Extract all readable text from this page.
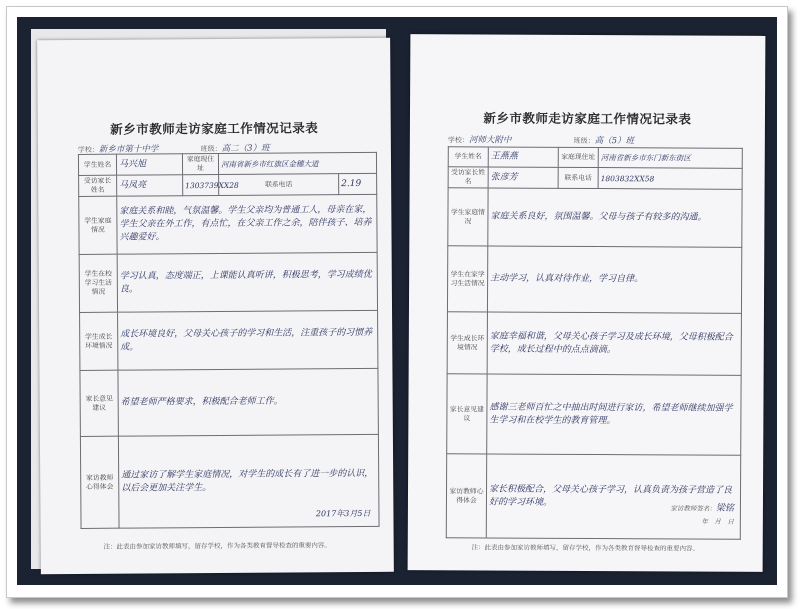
新乡市教师走访家庭工作情况记录表
学校：新乡市第十中学	班级：高二（3）班
学生姓名	马兴旭	家庭现住址	河南省新乡市红旗区金穗大道	
受访家长姓名	马凤亮	1303739XX28	联系电话	2.19
学生家庭情况	家庭关系和睦，气氛温馨。学生父亲均为普通工人，母亲在家，学生父亲在外工作，有点忙，在父亲工作之余，陪伴孩子、培养兴趣爱好。			
学生在校学习生活情况	学习认真，态度端正，上课能认真听讲，积极思考，学习成绩优良。			
学生成长环境情况	成长环境良好，父母关心孩子的学习和生活，注重孩子的习惯养成。			
家长意见建议	希望老师严格要求，积极配合老师工作。			
家访教师心得体会	通过家访了解学生家庭情况，对学生的成长有了进一步的认识，以后会更加关注学生。
2017年3月5日			
注：此表由参加家访教师填写，留存学校，作为各类教育督导检查的重要内容。
新乡市教师走访家庭工作情况记录表
学校：河师大附中	班级：高（5）班
学生姓名	王燕燕	家庭现住址	河南省新乡市东门新东街区
受访家长姓名	张彦芳	联系电话	1803832XX58
学生家庭情况	家庭关系良好，氛围温馨。父母与孩子有较多的沟通。		
学生在家学习生活情况	主动学习，认真对待作业，学习自律。		
学生成长环境情况	家庭幸福和谐，父母关心孩子学习及成长环境，父母积极配合学校，成长过程中的点点滴滴。		
家长意见建议	感谢三老师百忙之中抽出时间进行家访，希望老师继续加强学生学习和在校学生的教育管理。		
家访教师心得体会	家长积极配合，父母关心孩子学习，认真负责为孩子营造了良好的学习环境。
家访教师签名：梁铭
年　月　日		
注：此表由参加家访教师填写，留存学校，作为各类教育督导检查的重要内容。
